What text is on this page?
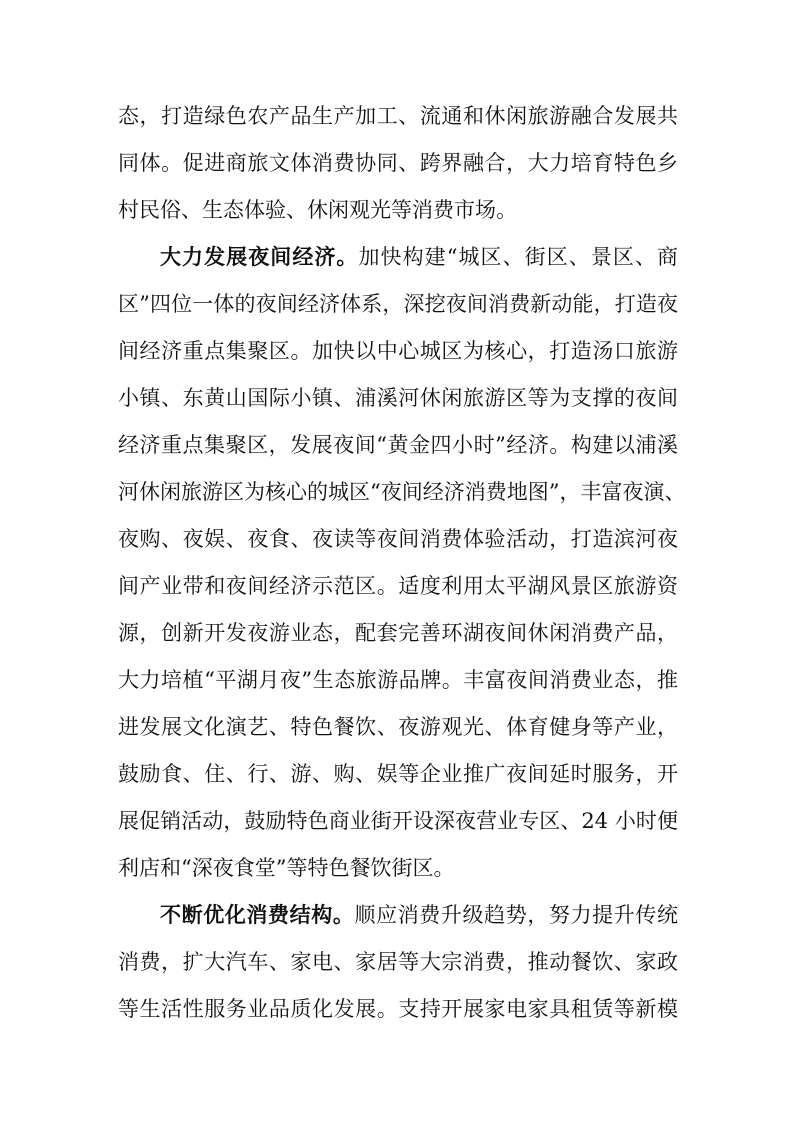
态，打造绿色农产品生产加工、流通和休闲旅游融合发展共
同体。促进商旅文体消费协同、跨界融合，大力培育特色乡
村民俗、生态体验、休闲观光等消费市场。
大力发展夜间经济。加快构建“城区、街区、景区、商
区”四位一体的夜间经济体系，深挖夜间消费新动能，打造夜
间经济重点集聚区。加快以中心城区为核心，打造汤口旅游
小镇、东黄山国际小镇、浦溪河休闲旅游区等为支撑的夜间
经济重点集聚区，发展夜间“黄金四小时”经济。构建以浦溪
河休闲旅游区为核心的城区“夜间经济消费地图”，丰富夜演、
夜购、夜娱、夜食、夜读等夜间消费体验活动，打造滨河夜
间产业带和夜间经济示范区。适度利用太平湖风景区旅游资
源，创新开发夜游业态，配套完善环湖夜间休闲消费产品，
大力培植“平湖月夜”生态旅游品牌。丰富夜间消费业态，推
进发展文化演艺、特色餐饮、夜游观光、体育健身等产业，
鼓励食、住、行、游、购、娱等企业推广夜间延时服务，开
展促销活动，鼓励特色商业街开设深夜营业专区、24 小时便
利店和“深夜食堂”等特色餐饮街区。
不断优化消费结构。顺应消费升级趋势，努力提升传统
消费，扩大汽车、家电、家居等大宗消费，推动餐饮、家政
等生活性服务业品质化发展。支持开展家电家具租赁等新模
